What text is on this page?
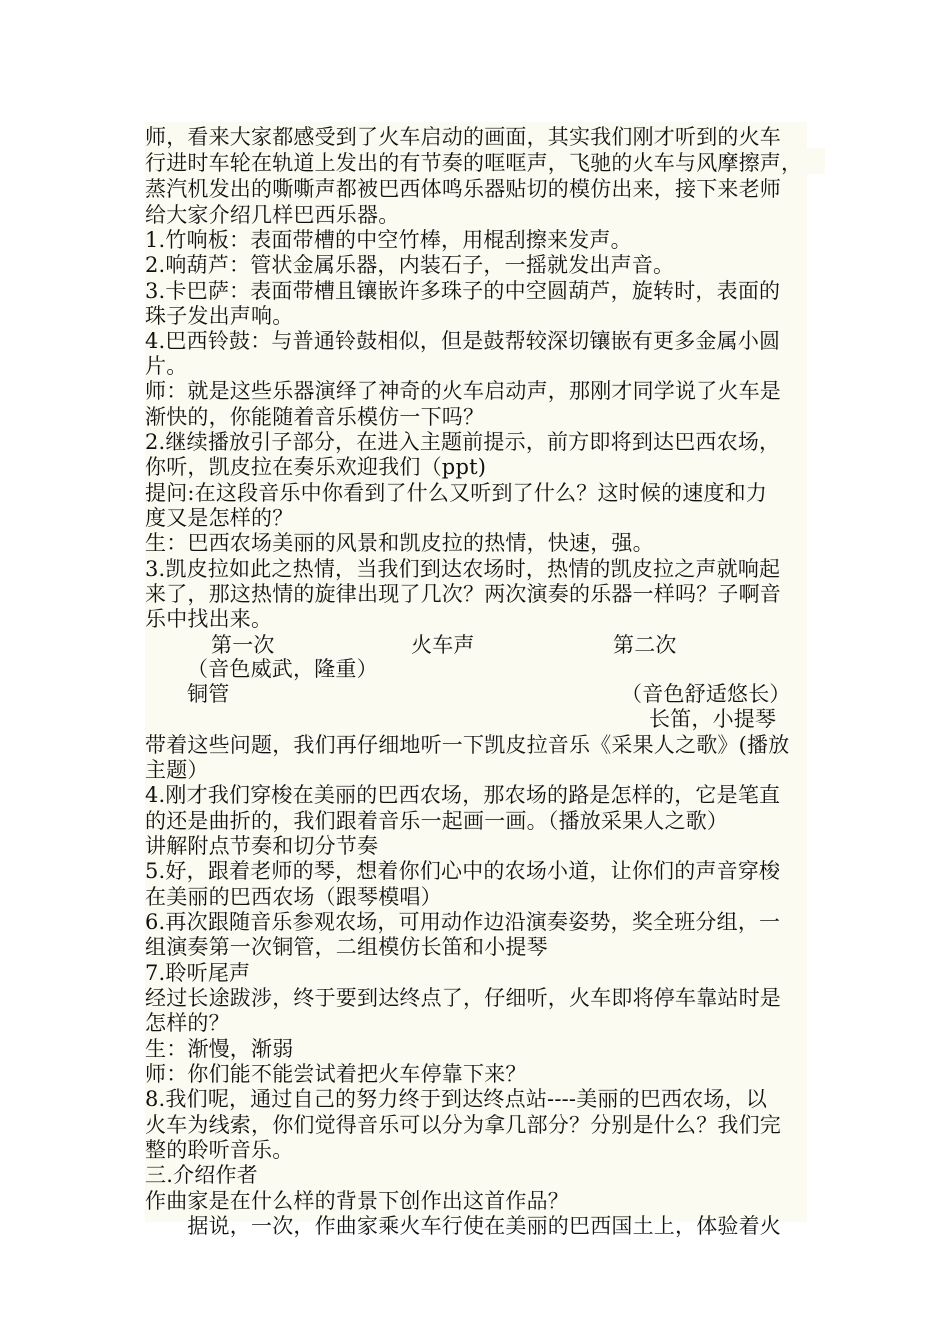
师，看来大家都感受到了火车启动的画面，其实我们刚才听到的火车
行进时车轮在轨道上发出的有节奏的哐哐声，飞驰的火车与风摩擦声，
蒸汽机发出的嘶嘶声都被巴西体鸣乐器贴切的模仿出来，接下来老师
给大家介绍几样巴西乐器。
1.竹响板：表面带槽的中空竹棒，用棍刮擦来发声。
2.响葫芦：管状金属乐器，内装石子，一摇就发出声音。
3.卡巴萨：表面带槽且镶嵌许多珠子的中空圆葫芦，旋转时，表面的
珠子发出声响。
4.巴西铃鼓：与普通铃鼓相似，但是鼓帮较深切镶嵌有更多金属小圆
片。
师：就是这些乐器演绎了神奇的火车启动声，那刚才同学说了火车是
渐快的，你能随着音乐模仿一下吗？
2.继续播放引子部分，在进入主题前提示，前方即将到达巴西农场，
你听，凯皮拉在奏乐欢迎我们（ppt)
提问:在这段音乐中你看到了什么又听到了什么？这时候的速度和力
度又是怎样的？
生：巴西农场美丽的风景和凯皮拉的热情，快速，强。
3.凯皮拉如此之热情，当我们到达农场时，热情的凯皮拉之声就响起
来了，那这热情的旋律出现了几次？两次演奏的乐器一样吗？子啊音
乐中找出来。
第一次	火车声	第二次
（音色威武，隆重）
铜管	（音色舒适悠长）
长笛，小提琴
带着这些问题，我们再仔细地听一下凯皮拉音乐《采果人之歌》(播放
主题）
4.刚才我们穿梭在美丽的巴西农场，那农场的路是怎样的，它是笔直
的还是曲折的，我们跟着音乐一起画一画。（播放采果人之歌）
讲解附点节奏和切分节奏
5.好，跟着老师的琴，想着你们心中的农场小道，让你们的声音穿梭
在美丽的巴西农场（跟琴模唱）
6.再次跟随音乐参观农场，可用动作边沿演奏姿势，奖全班分组，一
组演奏第一次铜管，二组模仿长笛和小提琴
7.聆听尾声
经过长途跋涉，终于要到达终点了，仔细听，火车即将停车靠站时是
怎样的？
生：渐慢，渐弱
师：你们能不能尝试着把火车停靠下来？
8.我们呢，通过自己的努力终于到达终点站----美丽的巴西农场，以
火车为线索，你们觉得音乐可以分为拿几部分？分别是什么？我们完
整的聆听音乐。
三.介绍作者
作曲家是在什么样的背景下创作出这首作品？
　　据说，一次，作曲家乘火车行使在美丽的巴西国土上，体验着火
